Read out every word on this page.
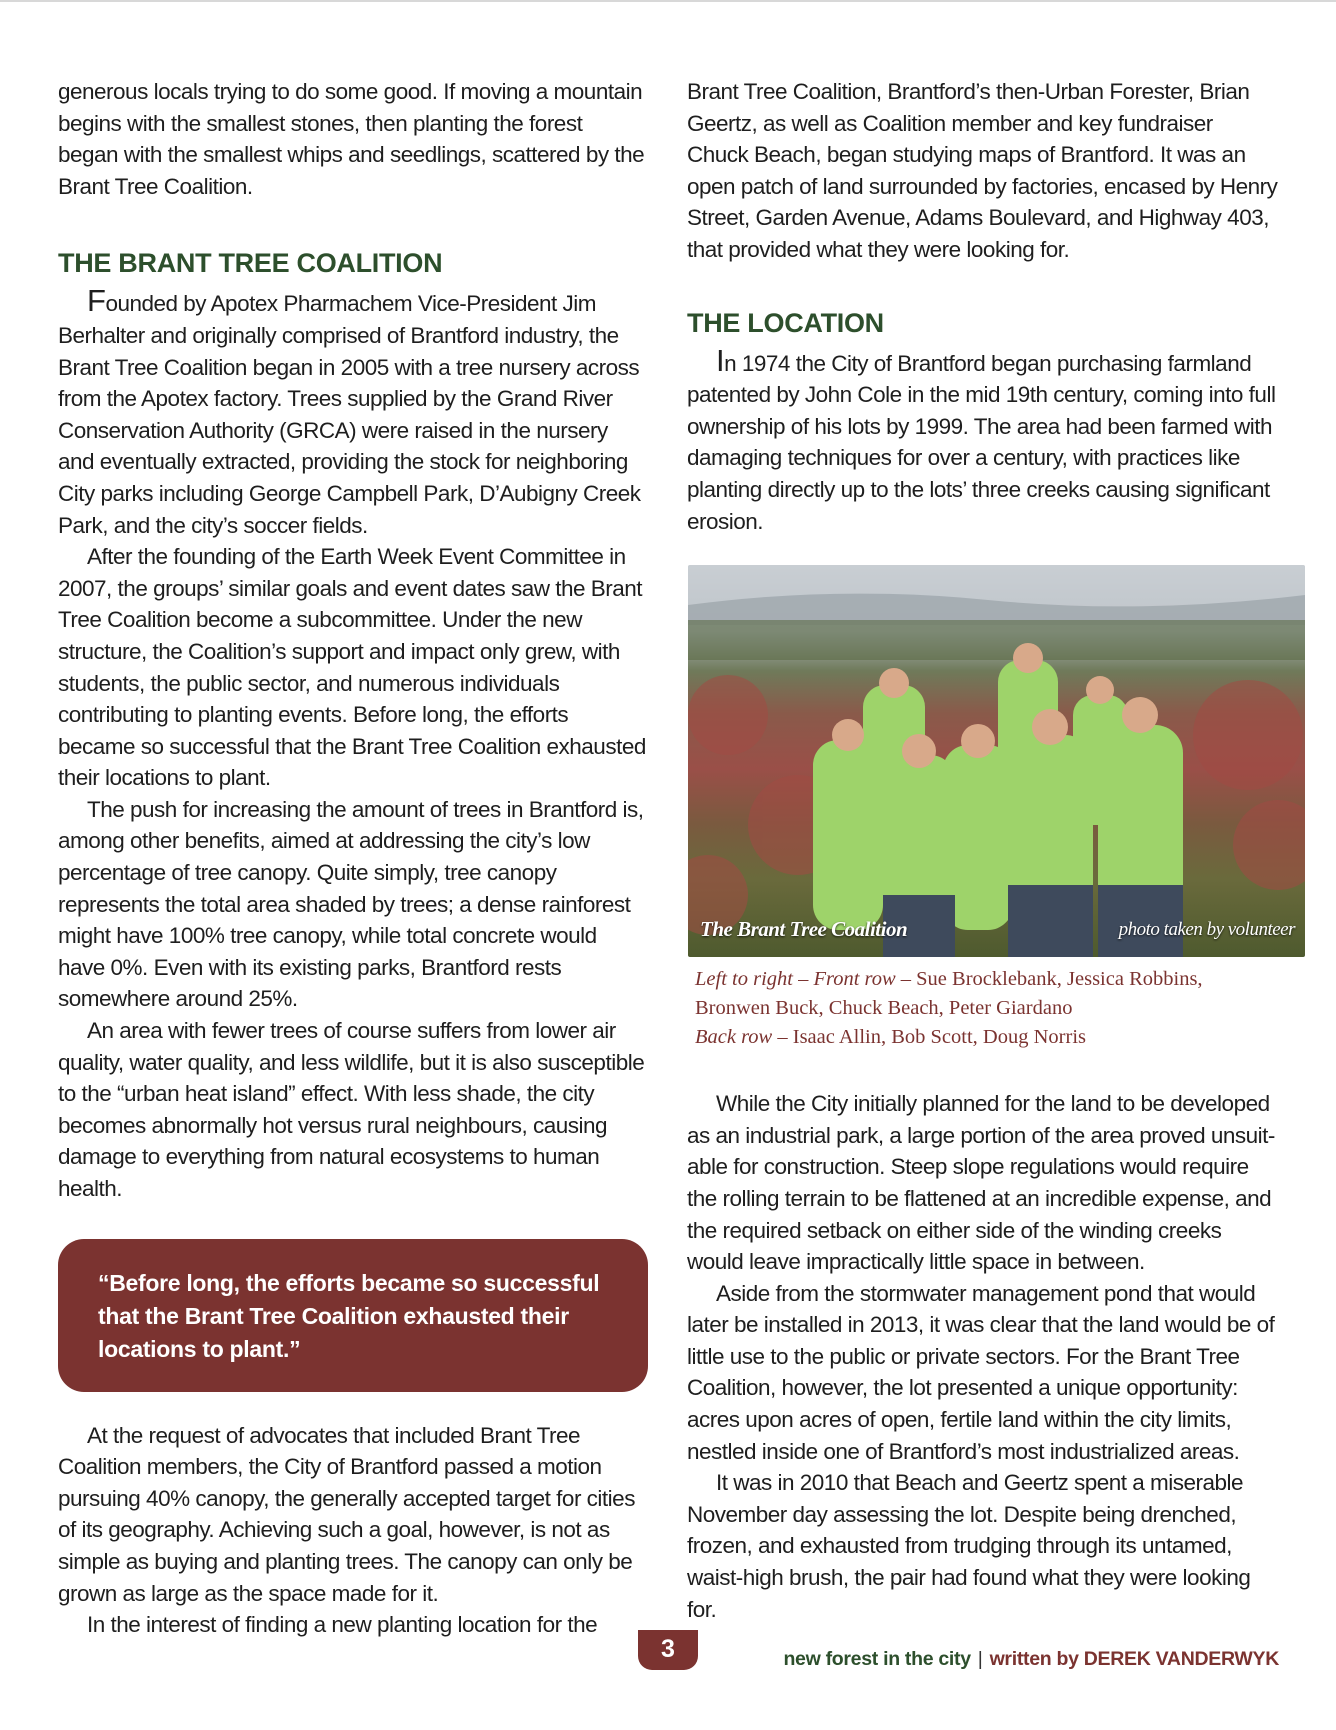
generous locals trying to do some good. If moving a mountain begins with the smallest stones, then planting the forest began with the smallest whips and seedlings, scattered by the Brant Tree Coalition.

THE BRANT TREE COALITION

Founded by Apotex Pharmachem Vice-President Jim Berhalter and originally comprised of Brantford industry, the Brant Tree Coalition began in 2005 with a tree nursery across from the Apotex factory. Trees supplied by the Grand River Conservation Authority (GRCA) were raised in the nursery and eventually extracted, providing the stock for neighboring City parks including George Campbell Park, D’Aubigny Creek Park, and the city’s soccer fields.

After the founding of the Earth Week Event Committee in 2007, the groups’ similar goals and event dates saw the Brant Tree Coalition become a subcommittee. Under the new structure, the Coalition’s support and impact only grew, with students, the public sector, and numerous individuals contributing to planting events. Before long, the efforts became so successful that the Brant Tree Coalition exhausted their locations to plant.

The push for increasing the amount of trees in Brantford is, among other benefits, aimed at addressing the city’s low percentage of tree canopy. Quite simply, tree canopy represents the total area shaded by trees; a dense rainforest might have 100% tree canopy, while total concrete would have 0%. Even with its existing parks, Brantford rests somewhere around 25%.

An area with fewer trees of course suffers from lower air quality, water quality, and less wildlife, but it is also susceptible to the “urban heat island” effect. With less shade, the city becomes abnormally hot versus rural neighbours, causing damage to everything from natural ecosystems to human health.

“Before long, the efforts became so successful that the Brant Tree Coalition exhausted their locations to plant.”

At the request of advocates that included Brant Tree Coalition members, the City of Brantford passed a motion pursuing 40% canopy, the generally accepted target for cities of its geography. Achieving such a goal, however, is not as simple as buying and planting trees. The canopy can only be grown as large as the space made for it.

In the interest of finding a new planting location for the

Brant Tree Coalition, Brantford’s then-Urban Forester, Brian Geertz, as well as Coalition member and key fundraiser Chuck Beach, began studying maps of Brantford. It was an open patch of land surrounded by factories, encased by Henry Street, Garden Avenue, Adams Boulevard, and Highway 403, that provided what they were looking for.

THE LOCATION

In 1974 the City of Brantford began purchasing farmland patented by John Cole in the mid 19th century, coming into full ownership of his lots by 1999. The area had been farmed with damaging techniques for over a century, with practices like planting directly up to the lots’ three creeks causing significant erosion.

The Brant Tree Coalition	photo taken by volunteer
Left to right – Front row – Sue Brocklebank, Jessica Robbins, Bronwen Buck, Chuck Beach, Peter Giardano
Back row – Isaac Allin, Bob Scott, Doug Norris

While the City initially planned for the land to be developed as an industrial park, a large portion of the area proved unsuitable for construction. Steep slope regulations would require the rolling terrain to be flattened at an incredible expense, and the required setback on either side of the winding creeks would leave impractically little space in between.

Aside from the stormwater management pond that would later be installed in 2013, it was clear that the land would be of little use to the public or private sectors. For the Brant Tree Coalition, however, the lot presented a unique opportunity: acres upon acres of open, fertile land within the city limits, nestled inside one of Brantford’s most industrialized areas.

It was in 2010 that Beach and Geertz spent a miserable November day assessing the lot. Despite being drenched, frozen, and exhausted from trudging through its untamed, waist-high brush, the pair had found what they were looking for.

3	new forest in the city | written by DEREK VANDERWYK
